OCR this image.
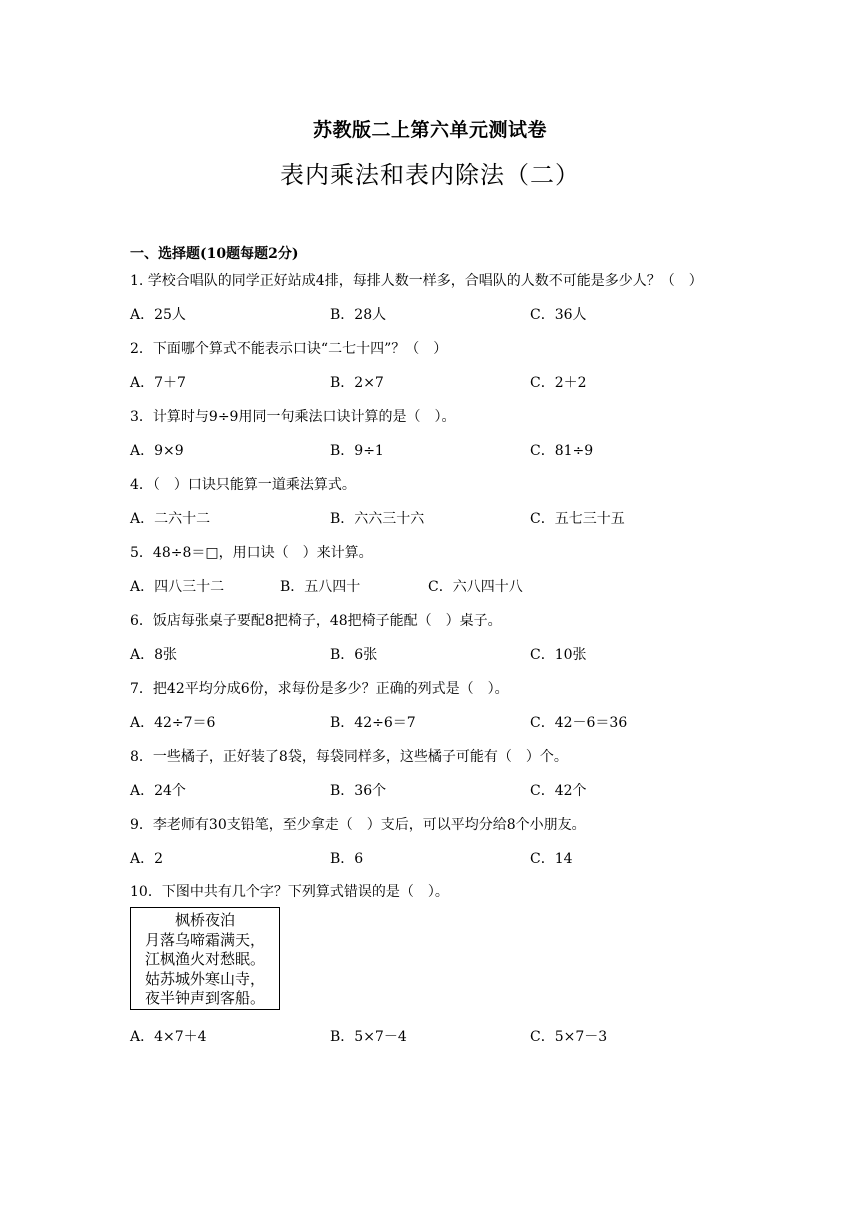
苏教版二上第六单元测试卷
表内乘法和表内除法（二）
一、选择题(10题每题2分)
1. 学校合唱队的同学正好站成4排，每排人数一样多，合唱队的人数不可能是多少人？（　）
A．25人	B．28人	C．36人
2．下面哪个算式不能表示口诀“二七十四”？（　）
A．7＋7	B．2×7	C．2＋2
3．计算时与9÷9用同一句乘法口诀计算的是（　）。
A．9×9	B．9÷1	C．81÷9
4．（　）口诀只能算一道乘法算式。
A．二六十二	B．六六三十六	C．五七三十五
5．48÷8＝□，用口诀（　）来计算。
A．四八三十二	B．五八四十	C．六八四十八
6．饭店每张桌子要配8把椅子，48把椅子能配（　）桌子。
A．8张	B．6张	C．10张
7．把42平均分成6份，求每份是多少？正确的列式是（　）。
A．42÷7＝6	B．42÷6＝7	C．42－6＝36
8．一些橘子，正好装了8袋，每袋同样多，这些橘子可能有（　）个。
A．24个	B．36个	C．42个
9．李老师有30支铅笔，至少拿走（　）支后，可以平均分给8个小朋友。
A．2	B．6	C．14
10．下图中共有几个字？下列算式错误的是（　）。
枫桥夜泊
月落乌啼霜满天，
江枫渔火对愁眠。
姑苏城外寒山寺，
夜半钟声到客船。
A．4×7＋4	B．5×7－4	C．5×7－3
